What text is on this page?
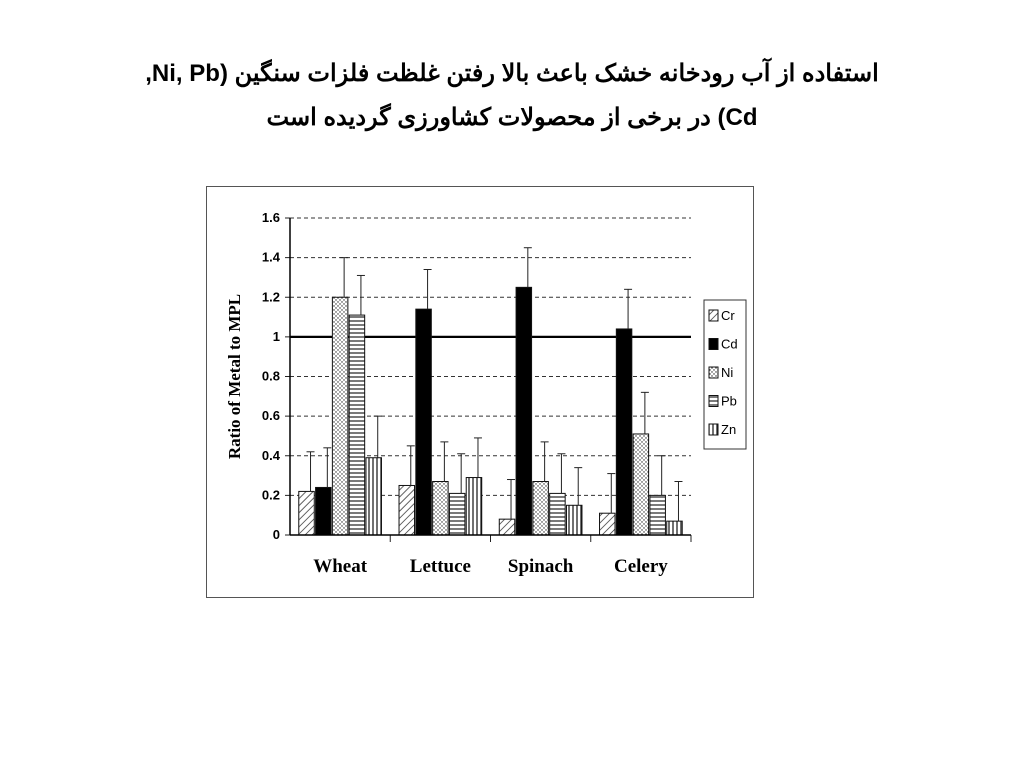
استفاده از آب رودخانه خشک باعث بالا رفتن غلظت فلزات سنگین (Ni, Pb,
Cd) در برخی از محصولات کشاورزی گردیده است
0
0.2
0.4
0.6
0.8
1
1.2
1.4
1.6
Wheat Lettuce Spinach Celery
Ratio of Metal to MPL	Cr
Cd
Ni
Pb
Zn
